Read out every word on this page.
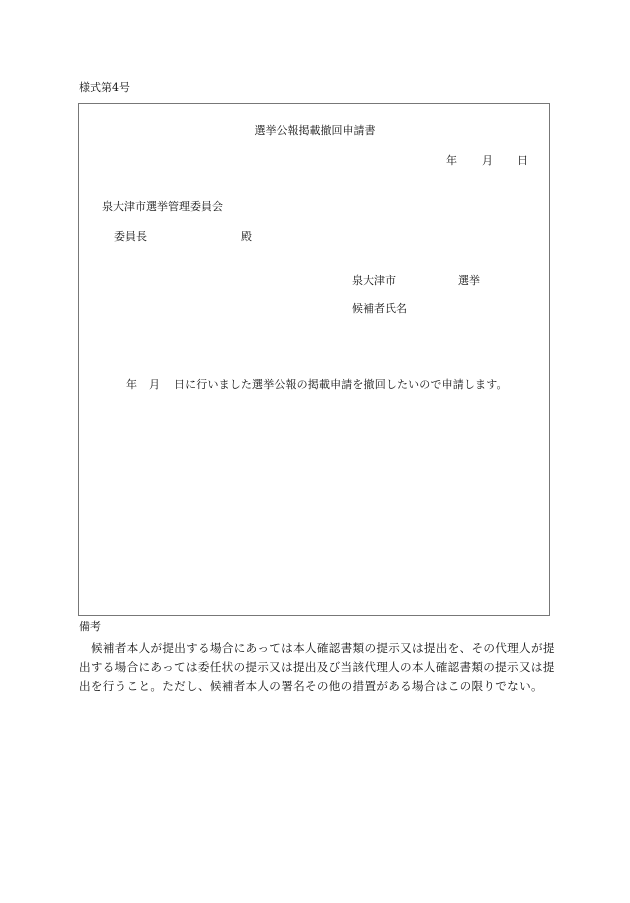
様式第4号
選挙公報掲載撤回申請書
年 月 日
泉大津市選挙管理委員会
委員長	殿
泉大津市	選挙
候補者氏名
年 月 日に行いました選挙公報の掲載申請を撤回したいので申請します。
備考
候補者本人が提出する場合にあっては本人確認書類の提示又は提出を、その代理人が提
出する場合にあっては委任状の提示又は提出及び当該代理人の本人確認書類の提示又は提
出を行うこと。ただし、候補者本人の署名その他の措置がある場合はこの限りでない。
